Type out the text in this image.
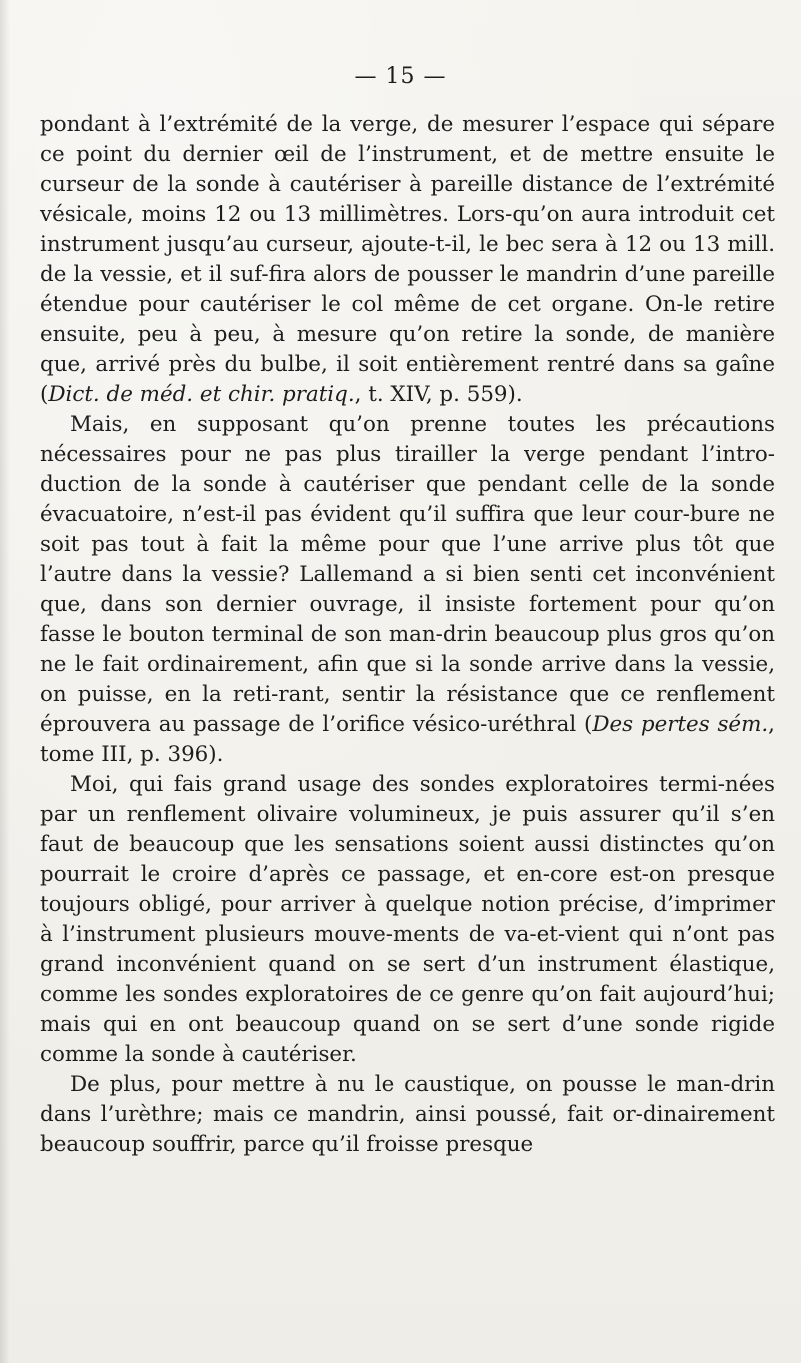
— 15 —

pondant à l’extrémité de la verge, de mesurer l’espace qui sépare ce point du dernier œil de l’instrument, et de mettre ensuite le curseur de la sonde à cautériser à pareille distance de l’extrémité vésicale, moins 12 ou 13 millimètres. Lors-qu’on aura introduit cet instrument jusqu’au curseur, ajoute-t-il, le bec sera à 12 ou 13 mill. de la vessie, et il suf-fira alors de pousser le mandrin d’une pareille étendue pour cautériser le col même de cet organe. On-le retire ensuite, peu à peu, à mesure qu’on retire la sonde, de manière que, arrivé près du bulbe, il soit entièrement rentré dans sa gaîne (Dict. de méd. et chir. pratiq., t. XIV, p. 559).

Mais, en supposant qu’on prenne toutes les précautions nécessaires pour ne pas plus tirailler la verge pendant l’intro-duction de la sonde à cautériser que pendant celle de la sonde évacuatoire, n’est-il pas évident qu’il suffira que leur cour-bure ne soit pas tout à fait la même pour que l’une arrive plus tôt que l’autre dans la vessie? Lallemand a si bien senti cet inconvénient que, dans son dernier ouvrage, il insiste fortement pour qu’on fasse le bouton terminal de son man-drin beaucoup plus gros qu’on ne le fait ordinairement, afin que si la sonde arrive dans la vessie, on puisse, en la reti-rant, sentir la résistance que ce renflement éprouvera au passage de l’orifice vésico-uréthral (Des pertes sém., tome III, p. 396).

Moi, qui fais grand usage des sondes exploratoires termi-nées par un renflement olivaire volumineux, je puis assurer qu’il s’en faut de beaucoup que les sensations soient aussi distinctes qu’on pourrait le croire d’après ce passage, et en-core est-on presque toujours obligé, pour arriver à quelque notion précise, d’imprimer à l’instrument plusieurs mouve-ments de va-et-vient qui n’ont pas grand inconvénient quand on se sert d’un instrument élastique, comme les sondes exploratoires de ce genre qu’on fait aujourd’hui; mais qui en ont beaucoup quand on se sert d’une sonde rigide comme la sonde à cautériser.

De plus, pour mettre à nu le caustique, on pousse le man-drin dans l’urèthre; mais ce mandrin, ainsi poussé, fait or-dinairement beaucoup souffrir, parce qu’il froisse presque
